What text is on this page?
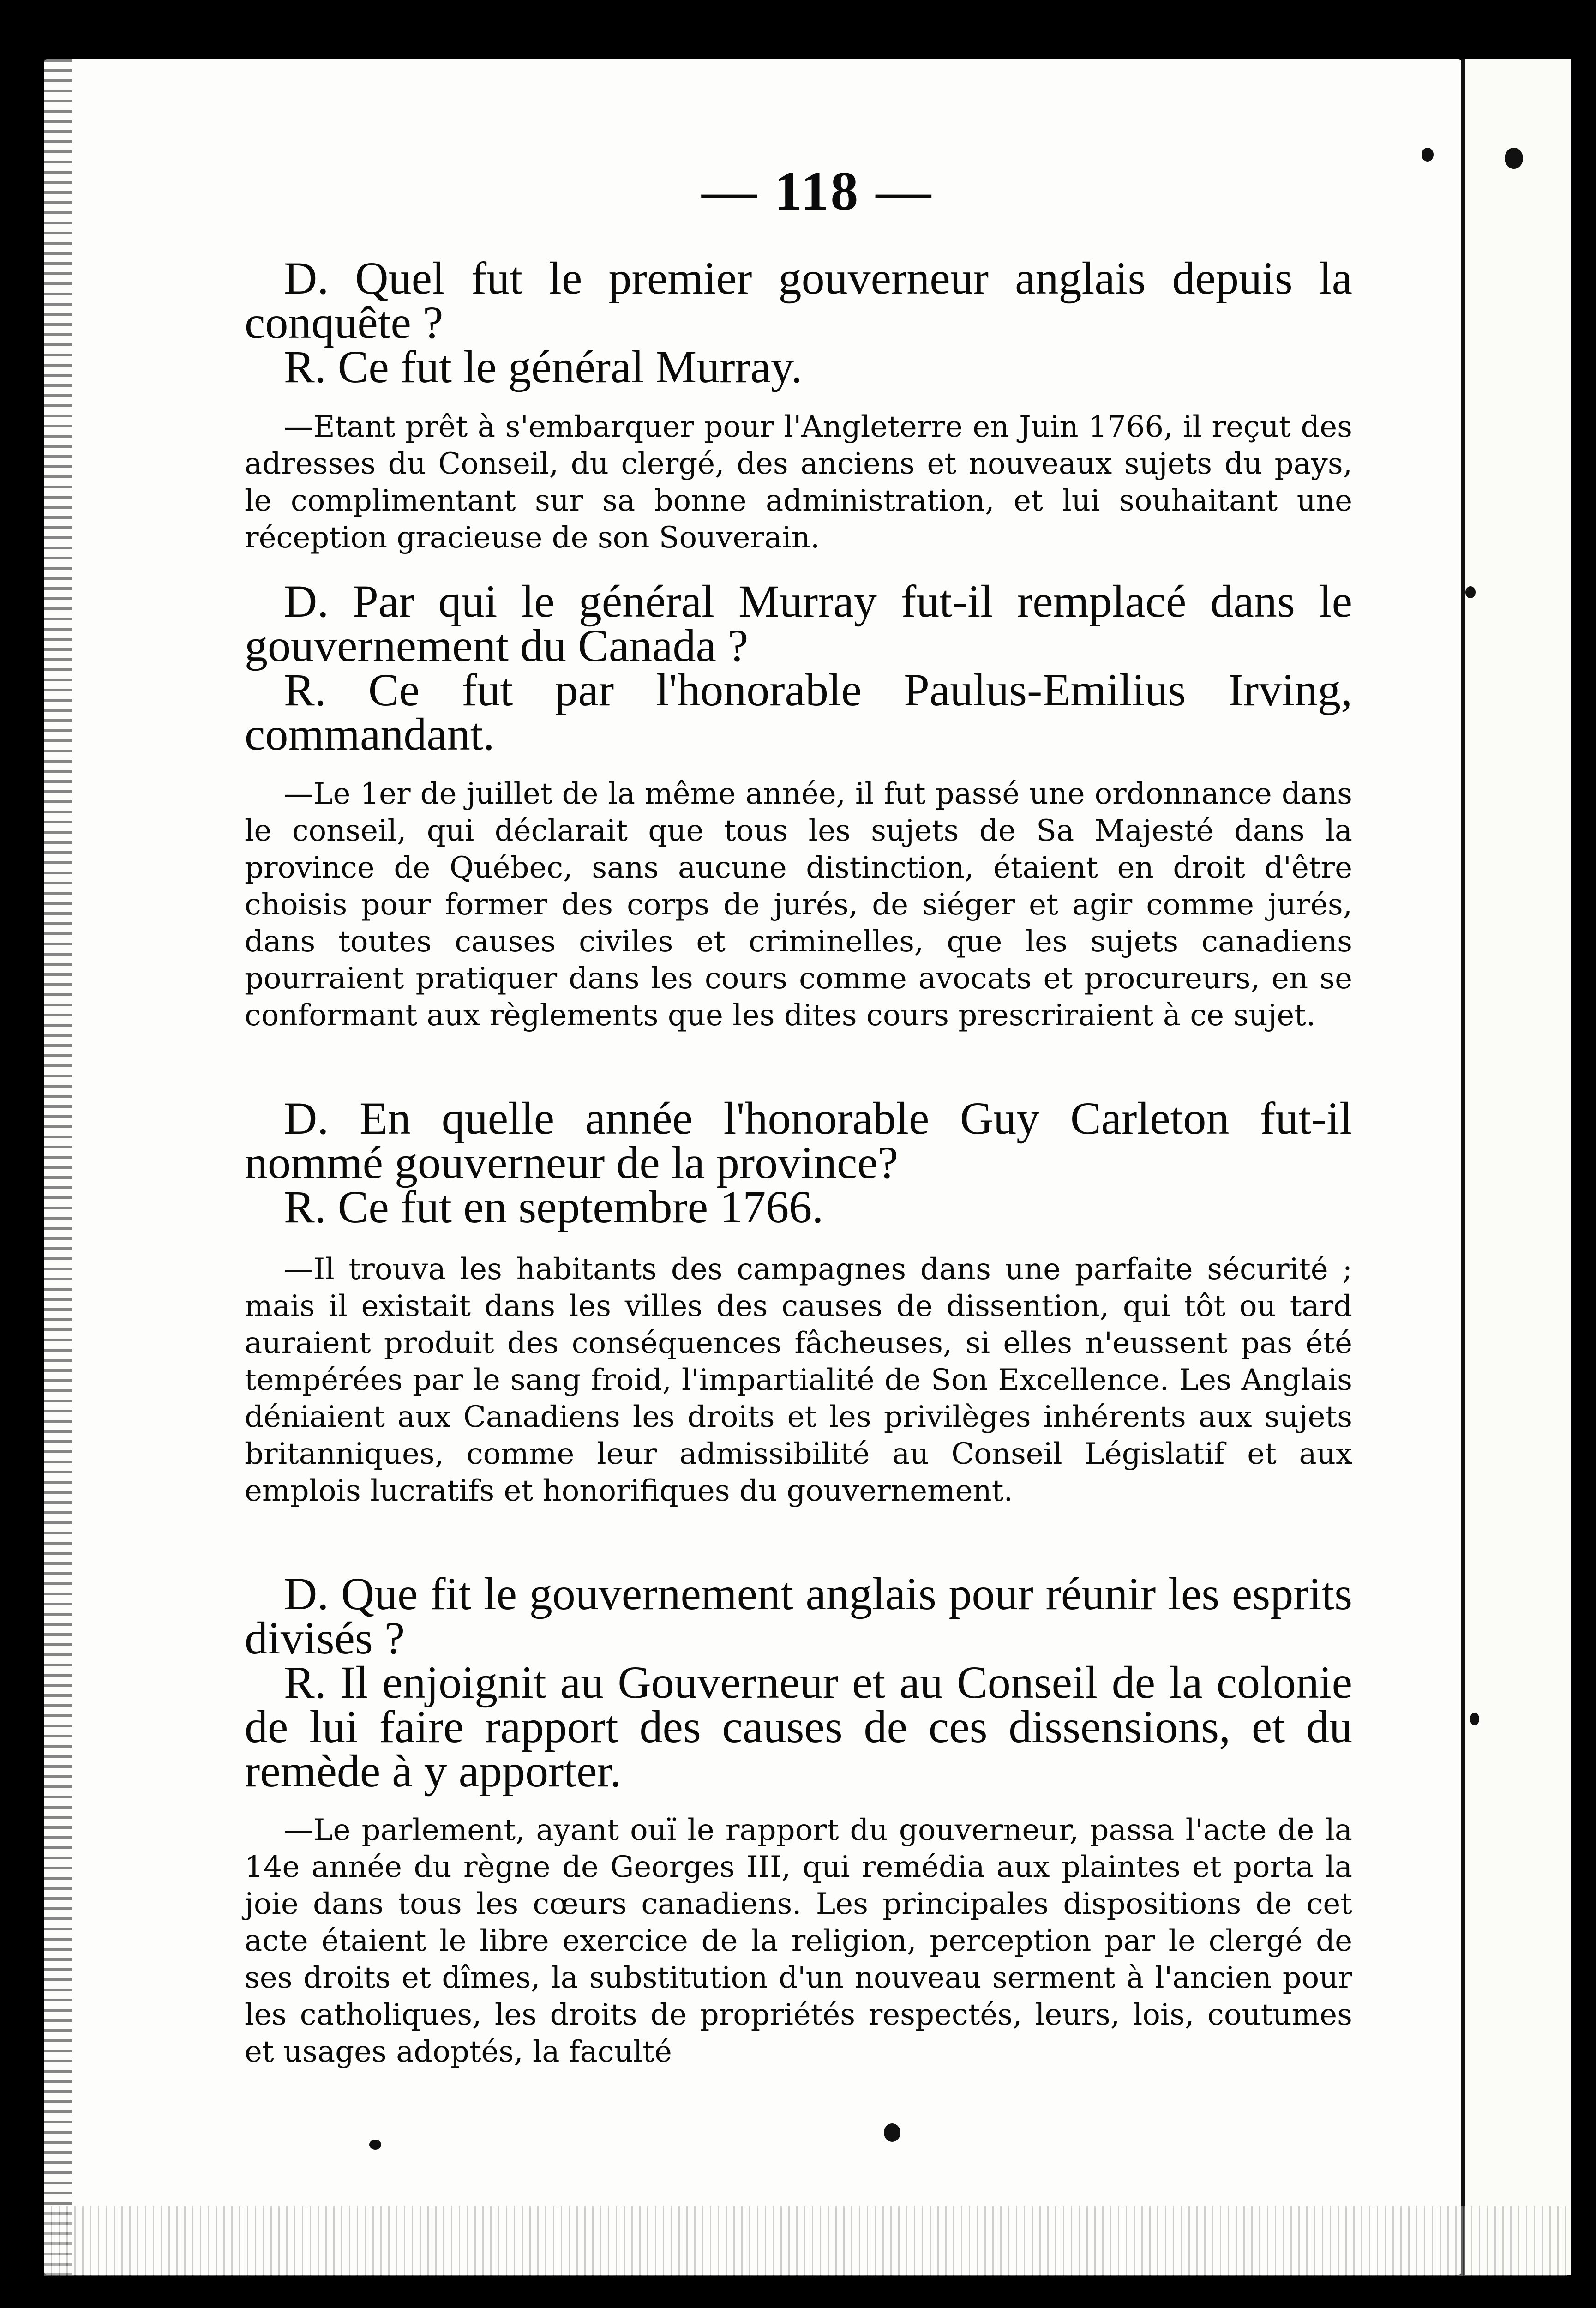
— 118 —

D. Quel fut le premier gouverneur anglais depuis la conquête ?

R. Ce fut le général Murray.

—Etant prêt à s'embarquer pour l'Angleterre en Juin 1766, il reçut des adresses du Conseil, du clergé, des anciens et nouveaux sujets du pays, le complimentant sur sa bonne administration, et lui souhaitant une réception gracieuse de son Souverain.

D. Par qui le général Murray fut-il remplacé dans le gouvernement du Canada ?

R. Ce fut par l'honorable Paulus-Emilius Irving, commandant.

—Le 1er de juillet de la même année, il fut passé une ordonnance dans le conseil, qui déclarait que tous les sujets de Sa Majesté dans la province de Québec, sans aucune distinction, étaient en droit d'être choisis pour former des corps de jurés, de siéger et agir comme jurés, dans toutes causes civiles et criminelles, que les sujets canadiens pourraient pratiquer dans les cours comme avocats et procureurs, en se conformant aux règlements que les dites cours prescriraient à ce sujet.

D. En quelle année l'honorable Guy Carleton fut-il nommé gouverneur de la province?

R. Ce fut en septembre 1766.

—Il trouva les habitants des campagnes dans une parfaite sécurité ; mais il existait dans les villes des causes de dissention, qui tôt ou tard auraient produit des conséquences fâcheuses, si elles n'eussent pas été tempérées par le sang froid, l'impartialité de Son Excellence. Les Anglais déniaient aux Canadiens les droits et les privilèges inhérents aux sujets britanniques, comme leur admissibilité au Conseil Législatif et aux emplois lucratifs et honorifiques du gouvernement.

D. Que fit le gouvernement anglais pour réunir les esprits divisés ?

R. Il enjoignit au Gouverneur et au Conseil de la colonie de lui faire rapport des causes de ces dissensions, et du remède à y apporter.

—Le parlement, ayant ouï le rapport du gouverneur, passa l'acte de la 14e année du règne de Georges III, qui remédia aux plaintes et porta la joie dans tous les cœurs canadiens. Les principales dispositions de cet acte étaient le libre exercice de la religion, perception par le clergé de ses droits et dîmes, la substitution d'un nouveau serment à l'ancien pour les catholiques, les droits de propriétés respectés, leurs, lois, coutumes et usages adoptés, la faculté
